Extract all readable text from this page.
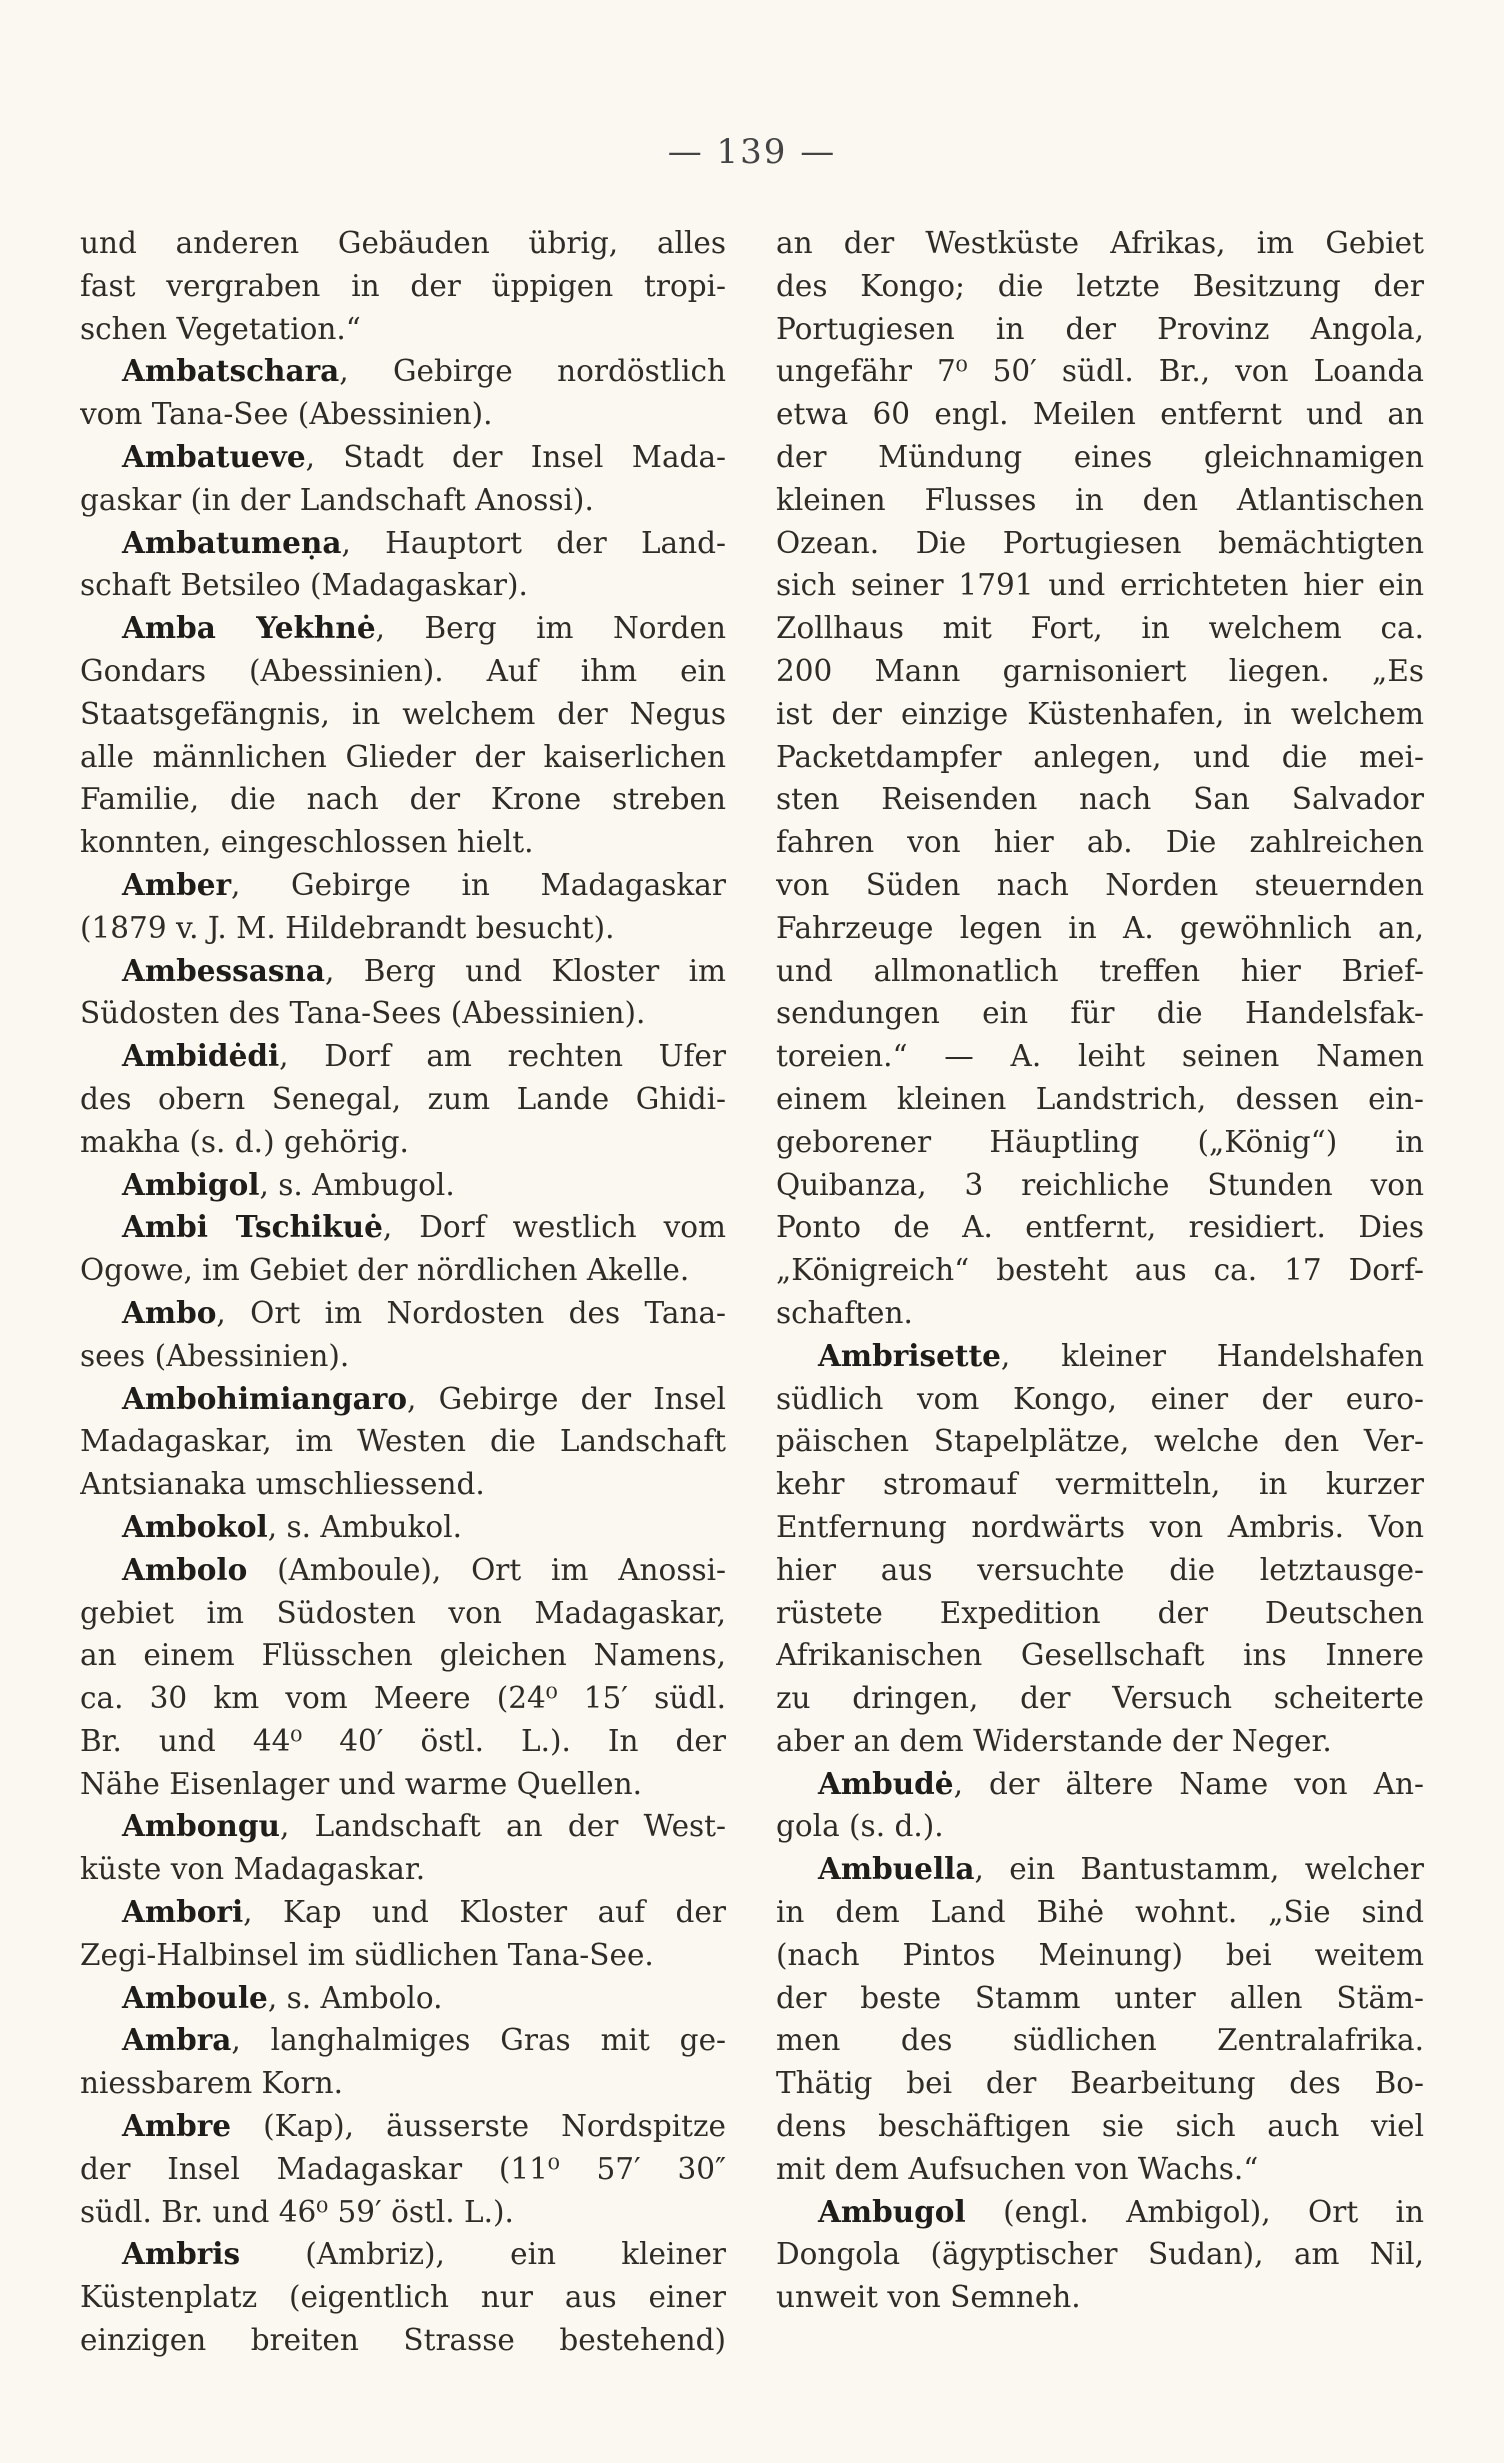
— 139 —
und anderen Gebäuden übrig, alles
fast vergraben in der üppigen tropi-
schen Vegetation.“
Ambatschara, Gebirge nordöstlich
vom Tana-See (Abessinien).
Ambatueve, Stadt der Insel Mada-
gaskar (in der Landschaft Anossi).
Ambatumeṇa, Hauptort der Land-
schaft Betsileo (Madagaskar).
Amba Yekhnė, Berg im Norden
Gondars (Abessinien). Auf ihm ein
Staatsgefängnis, in welchem der Negus
alle männlichen Glieder der kaiserlichen
Familie, die nach der Krone streben
konnten, eingeschlossen hielt.
Amber, Gebirge in Madagaskar
(1879 v. J. M. Hildebrandt besucht).
Ambessasna, Berg und Kloster im
Südosten des Tana-Sees (Abessinien).
Ambidėdi, Dorf am rechten Ufer
des obern Senegal, zum Lande Ghidi-
makha (s. d.) gehörig.
Ambigol, s. Ambugol.
Ambi Tschikuė, Dorf westlich vom
Ogowe, im Gebiet der nördlichen Akelle.
Ambo, Ort im Nordosten des Tana-
sees (Abessinien).
Ambohimiangaro, Gebirge der Insel
Madagaskar, im Westen die Landschaft
Antsianaka umschliessend.
Ambokol, s. Ambukol.
Ambolo (Amboule), Ort im Anossi-
gebiet im Südosten von Madagaskar,
an einem Flüsschen gleichen Namens,
ca. 30 km vom Meere (24⁰ 15′ südl.
Br. und 44⁰ 40′ östl. L.). In der
Nähe Eisenlager und warme Quellen.
Ambongu, Landschaft an der West-
küste von Madagaskar.
Ambori, Kap und Kloster auf der
Zegi-Halbinsel im südlichen Tana-See.
Amboule, s. Ambolo.
Ambra, langhalmiges Gras mit ge-
niessbarem Korn.
Ambre (Kap), äusserste Nordspitze
der Insel Madagaskar (11⁰ 57′ 30″
südl. Br. und 46⁰ 59′ östl. L.).
Ambris (Ambriz), ein kleiner
Küstenplatz (eigentlich nur aus einer
einzigen breiten Strasse bestehend)
an der Westküste Afrikas, im Gebiet
des Kongo; die letzte Besitzung der
Portugiesen in der Provinz Angola,
ungefähr 7⁰ 50′ südl. Br., von Loanda
etwa 60 engl. Meilen entfernt und an
der Mündung eines gleichnamigen
kleinen Flusses in den Atlantischen
Ozean. Die Portugiesen bemächtigten
sich seiner 1791 und errichteten hier ein
Zollhaus mit Fort, in welchem ca.
200 Mann garnisoniert liegen. „Es
ist der einzige Küstenhafen, in welchem
Packetdampfer anlegen, und die mei-
sten Reisenden nach San Salvador
fahren von hier ab. Die zahlreichen
von Süden nach Norden steuernden
Fahrzeuge legen in A. gewöhnlich an,
und allmonatlich treffen hier Brief-
sendungen ein für die Handelsfak-
toreien.“ — A. leiht seinen Namen
einem kleinen Landstrich, dessen ein-
geborener Häuptling („König“) in
Quibanza, 3 reichliche Stunden von
Ponto de A. entfernt, residiert. Dies
„Königreich“ besteht aus ca. 17 Dorf-
schaften.
Ambrisette, kleiner Handelshafen
südlich vom Kongo, einer der euro-
päischen Stapelplätze, welche den Ver-
kehr stromauf vermitteln, in kurzer
Entfernung nordwärts von Ambris. Von
hier aus versuchte die letztausge-
rüstete Expedition der Deutschen
Afrikanischen Gesellschaft ins Innere
zu dringen, der Versuch scheiterte
aber an dem Widerstande der Neger.
Ambudė, der ältere Name von An-
gola (s. d.).
Ambuella, ein Bantustamm, welcher
in dem Land Bihė wohnt. „Sie sind
(nach Pintos Meinung) bei weitem
der beste Stamm unter allen Stäm-
men des südlichen Zentralafrika.
Thätig bei der Bearbeitung des Bo-
dens beschäftigen sie sich auch viel
mit dem Aufsuchen von Wachs.“
Ambugol (engl. Ambigol), Ort in
Dongola (ägyptischer Sudan), am Nil,
unweit von Semneh.
